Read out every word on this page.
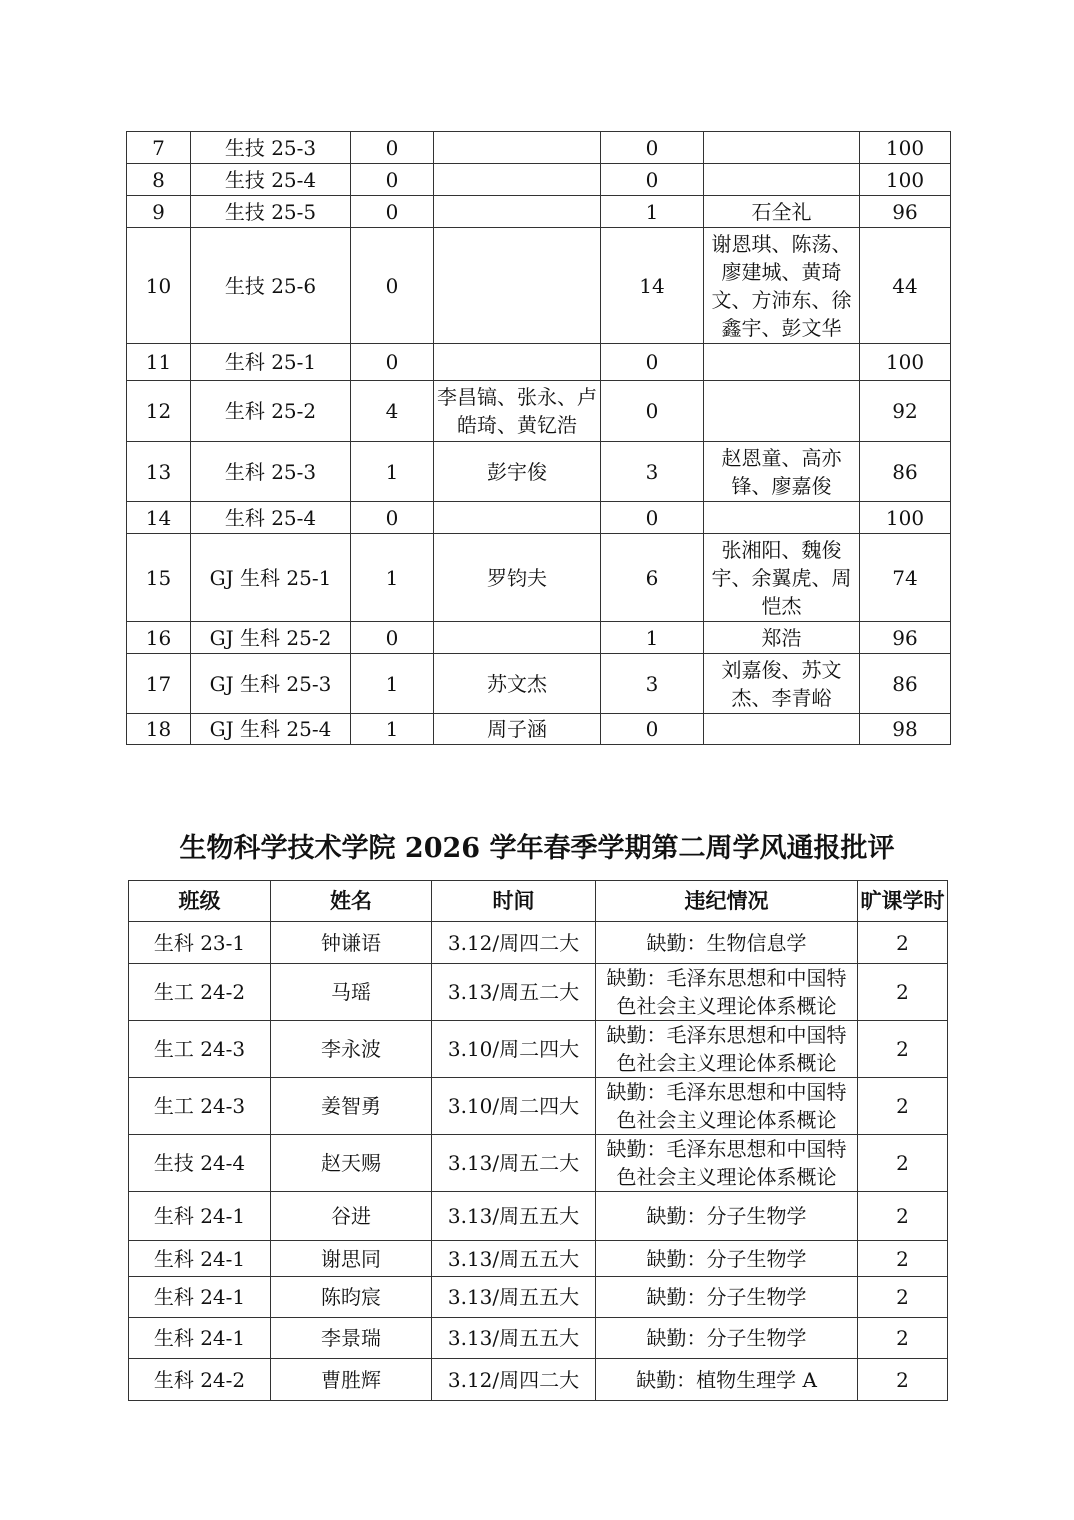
7	生技 25-3	0		0		100
8	生技 25-4	0		0		100
9	生技 25-5	0		1	石全礼	96
10	生技 25-6	0		14	谢恩琪、陈荡、廖建城、黄琦文、方沛东、徐鑫宇、彭文华	44
11	生科 25-1	0		0		100
12	生科 25-2	4	李昌镐、张永、卢皓琦、黄钇浩	0		92
13	生科 25-3	1	彭宇俊	3	赵恩童、高亦锋、廖嘉俊	86
14	生科 25-4	0		0		100
15	GJ 生科 25-1	1	罗钧夫	6	张湘阳、魏俊宇、余翼虎、周恺杰	74
16	GJ 生科 25-2	0		1	郑浩	96
17	GJ 生科 25-3	1	苏文杰	3	刘嘉俊、苏文杰、李青峪	86
18	GJ 生科 25-4	1	周子涵	0		98
生物科学技术学院 2026 学年春季学期第二周学风通报批评
班级	姓名	时间	违纪情况	旷课学时
生科 23-1	钟谦语	3.12/周四二大	缺勤：生物信息学	2
生工 24-2	马瑶	3.13/周五二大	缺勤：毛泽东思想和中国特色社会主义理论体系概论	2
生工 24-3	李永波	3.10/周二四大	缺勤：毛泽东思想和中国特色社会主义理论体系概论	2
生工 24-3	姜智勇	3.10/周二四大	缺勤：毛泽东思想和中国特色社会主义理论体系概论	2
生技 24-4	赵天赐	3.13/周五二大	缺勤：毛泽东思想和中国特色社会主义理论体系概论	2
生科 24-1	谷进	3.13/周五五大	缺勤：分子生物学	2
生科 24-1	谢思同	3.13/周五五大	缺勤：分子生物学	2
生科 24-1	陈昀宸	3.13/周五五大	缺勤：分子生物学	2
生科 24-1	李景瑞	3.13/周五五大	缺勤：分子生物学	2
生科 24-2	曹胜辉	3.12/周四二大	缺勤：植物生理学 A	2
